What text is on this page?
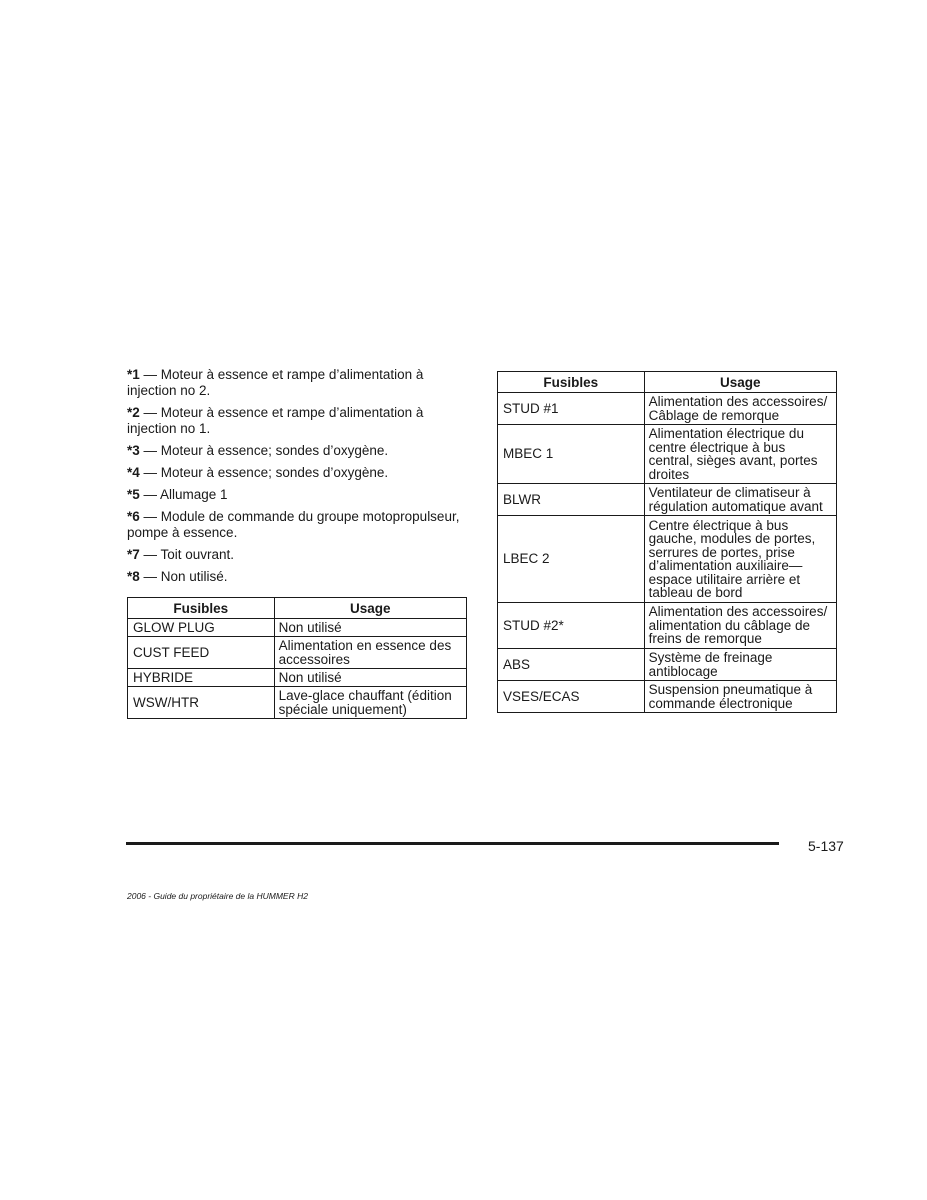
*1 — Moteur à essence et rampe d’alimentation à injection no 2.

*2 — Moteur à essence et rampe d’alimentation à injection no 1.

*3 — Moteur à essence; sondes d’oxygène.

*4 — Moteur à essence; sondes d’oxygène.

*5 — Allumage 1

*6 — Module de commande du groupe motopropulseur, pompe à essence.

*7 — Toit ouvrant.

*8 — Non utilisé.

Fusibles	Usage
GLOW PLUG	Non utilisé
CUST FEED	Alimentation en essence des accessoires
HYBRIDE	Non utilisé
WSW/HTR	Lave-glace chauffant (édition spéciale uniquement)
Fusibles	Usage
STUD #1	Alimentation des accessoires/ Câblage de remorque
MBEC 1	Alimentation électrique du centre électrique à bus central, sièges avant, portes droites
BLWR	Ventilateur de climatiseur à régulation automatique avant
LBEC 2	Centre électrique à bus gauche, modules de portes, serrures de portes, prise d’alimentation auxiliaire—espace utilitaire arrière et tableau de bord
STUD #2*	Alimentation des accessoires/ alimentation du câblage de freins de remorque
ABS	Système de freinage antiblocage
VSES/ECAS	Suspension pneumatique à commande électronique
5-137
2006 - Guide du propriétaire de la HUMMER H2
